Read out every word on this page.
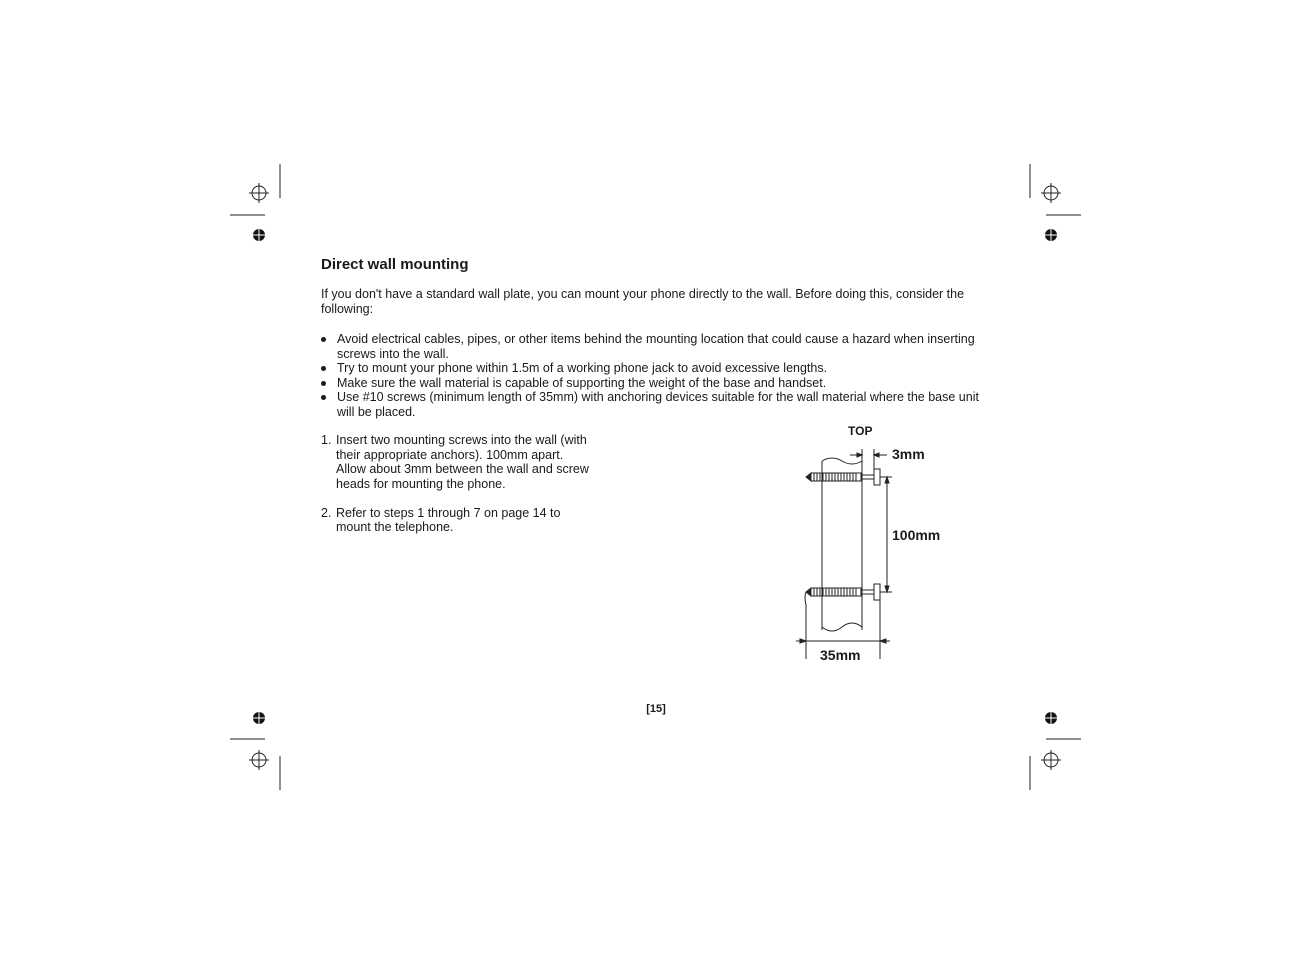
Direct wall mounting
If you don't have a standard wall plate, you can mount your phone directly to the wall. Before doing this, consider the following:
Avoid electrical cables, pipes, or other items behind the mounting location that could cause a hazard when inserting screws into the wall.
Try to mount your phone within 1.5m of a working phone jack to avoid excessive lengths.
Make sure the wall material is capable of supporting the weight of the base and handset.
Use #10 screws (minimum length of 35mm) with anchoring devices suitable for the wall material where the base unit will be placed.
1. Insert two mounting screws into the wall (with their appropriate anchors). 100mm apart. Allow about 3mm between the wall and screw heads for mounting the phone.
2. Refer to steps 1 through 7 on page 14 to mount the telephone.
TOP
3mm
100mm
35mm
[15]
